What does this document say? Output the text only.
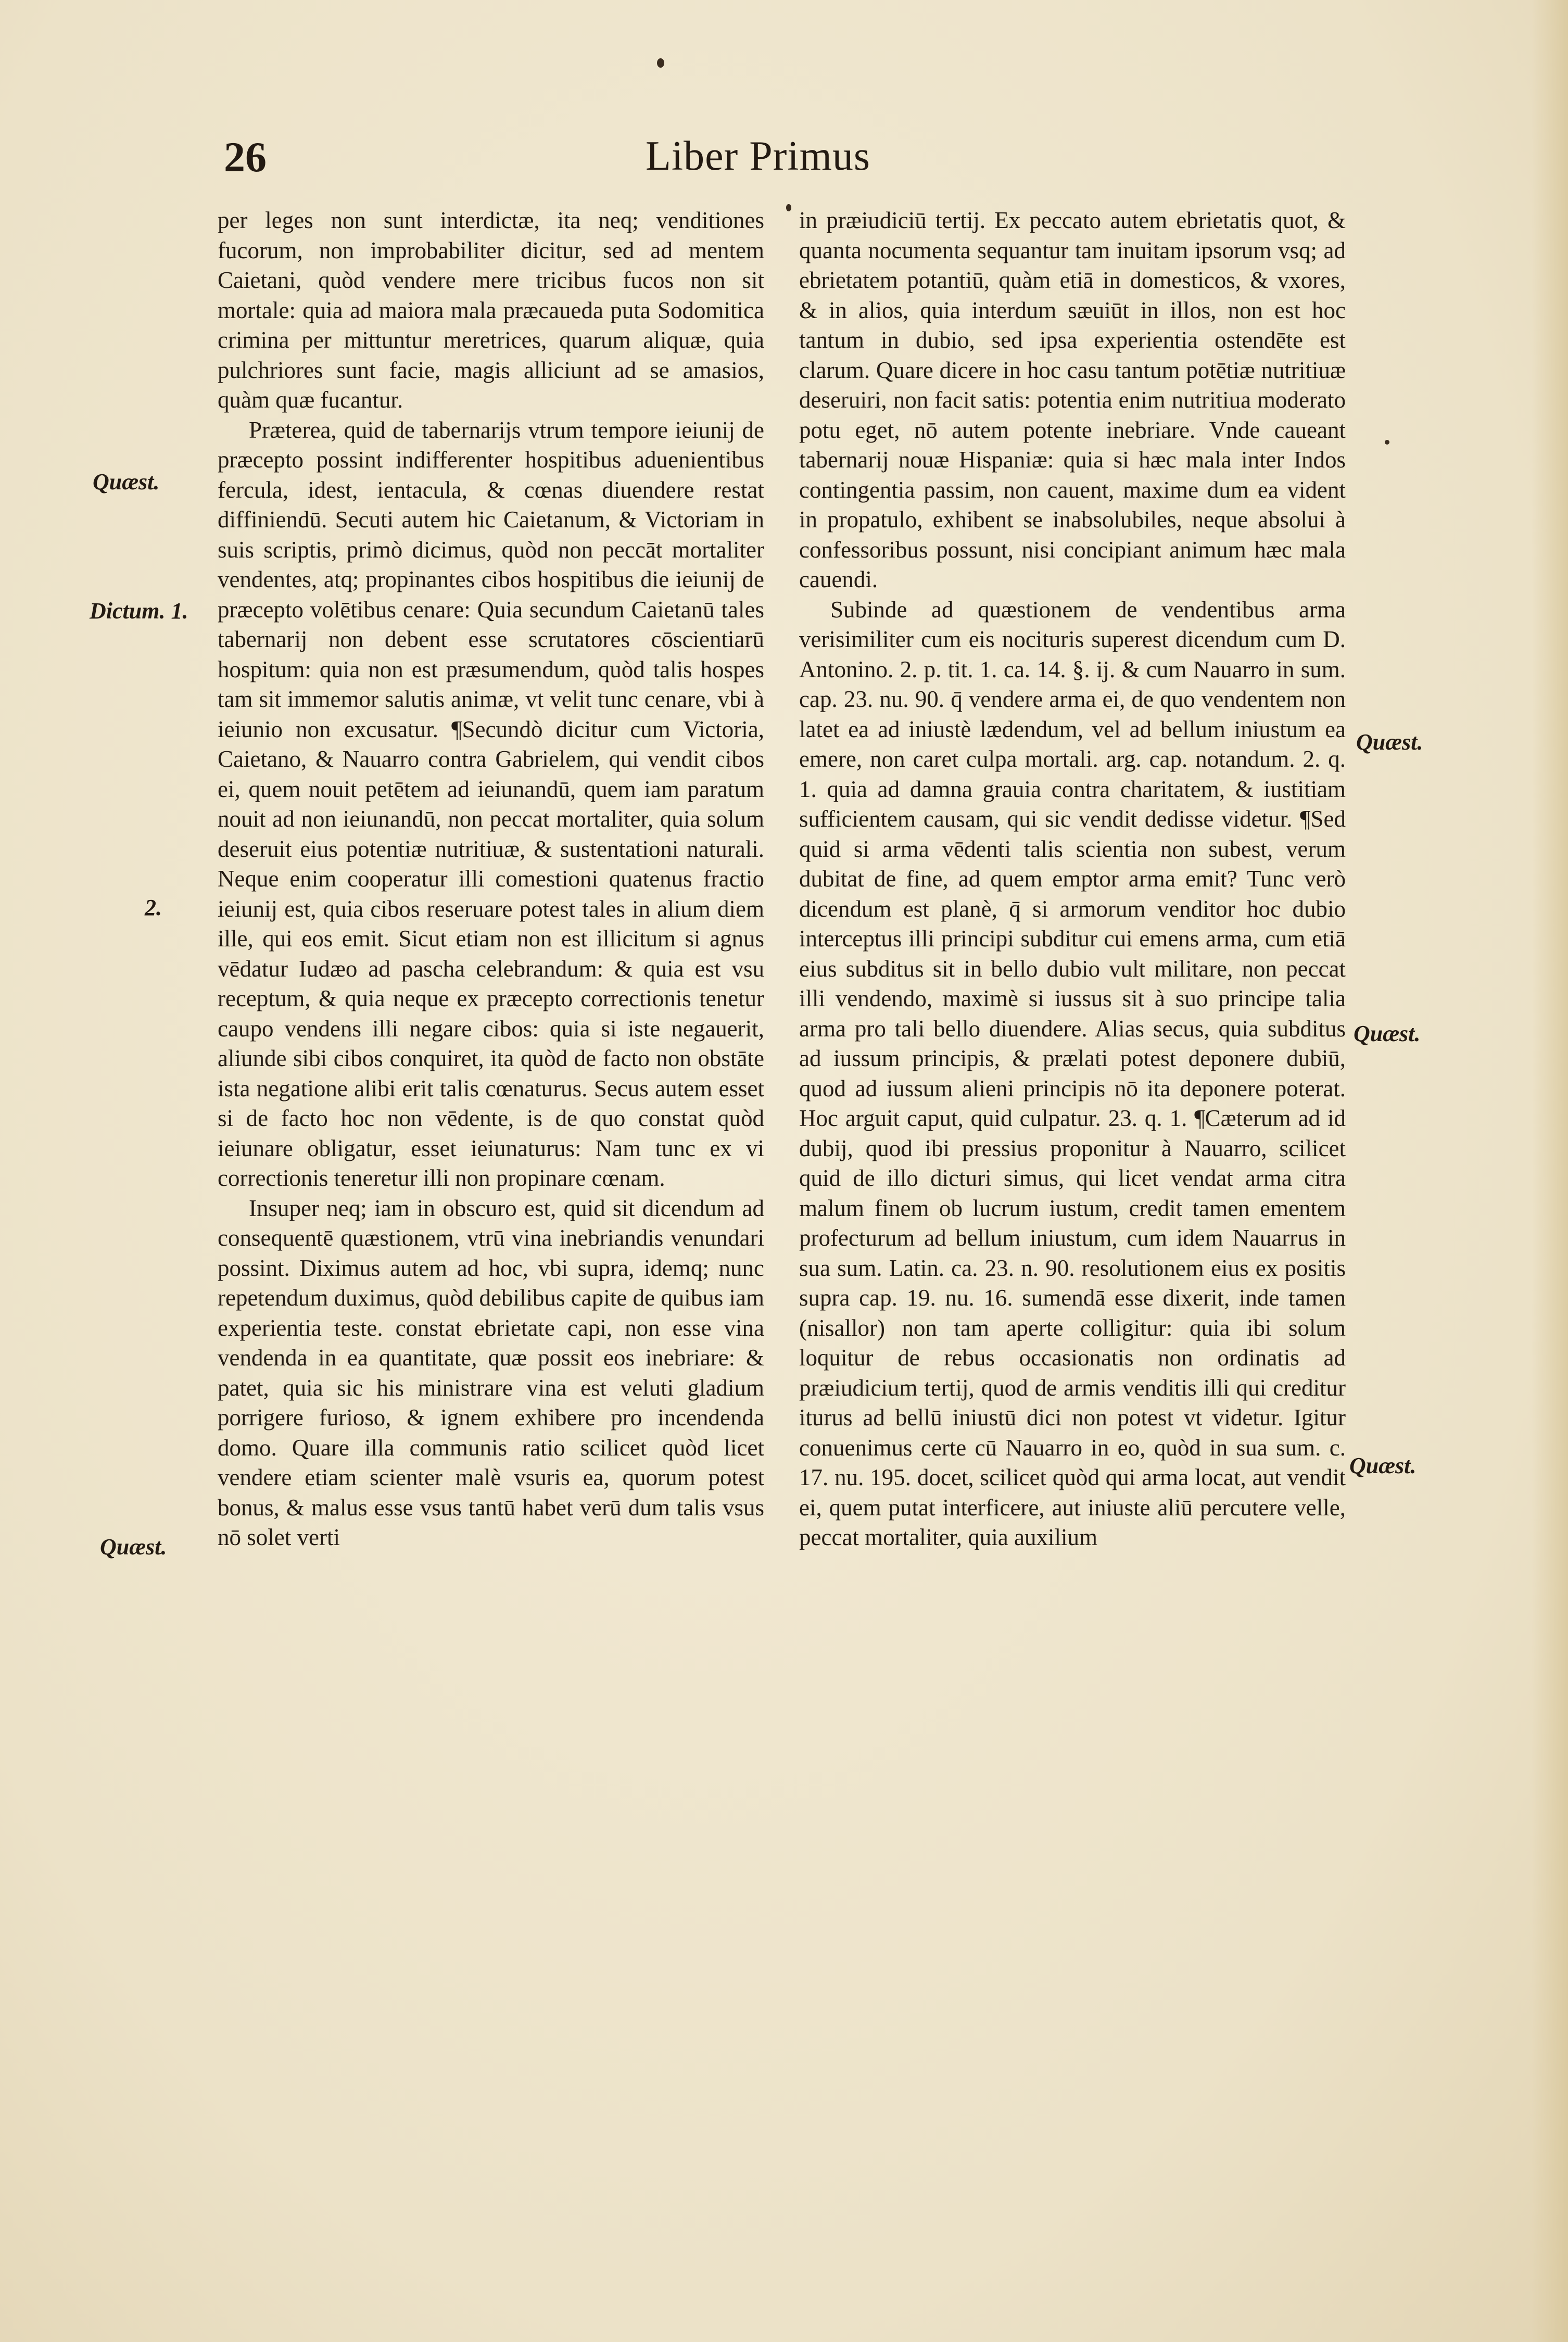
26	Liber Primus
Quæst.
Dictum. 1.
2.
Quæst.
Quæst.
Quæst.
Quæst.

per leges non sunt interdictæ, ita neq; venditiones fucorum, non improbabiliter dicitur, sed ad mentem Caietani, quòd vendere mere tricibus fucos non sit mortale: quia ad maiora mala præcaueda puta Sodomitica crimina per mittuntur meretrices, quarum aliquæ, quia pulchriores sunt facie, magis alliciunt ad se amasios, quàm quæ fucantur.

Præterea, quid de tabernarijs vtrum tempore ieiunij de præcepto possint indifferenter hospitibus aduenientibus fercula, idest, ientacula, & cœnas diuendere restat diffiniendū. Secuti autem hic Caietanum, & Victoriam in suis scriptis, primò dicimus, quòd non peccāt mortaliter vendentes, atq; propinantes cibos hospitibus die ieiunij de præcepto volētibus cenare: Quia secundum Caietanū tales tabernarij non debent esse scrutatores cōscientiarū hospitum: quia non est præsumendum, quòd talis hospes tam sit immemor salutis animæ, vt velit tunc cenare, vbi à ieiunio non excusatur. ¶Secundò dicitur cum Victoria, Caietano, & Nauarro contra Gabrielem, qui vendit cibos ei, quem nouit petētem ad ieiunandū, quem iam paratum nouit ad non ieiunandū, non peccat mortaliter, quia solum deseruit eius potentiæ nutritiuæ, & sustentationi naturali. Neque enim cooperatur illi comestioni quatenus fractio ieiunij est, quia cibos reseruare potest tales in alium diem ille, qui eos emit. Sicut etiam non est illicitum si agnus vēdatur Iudæo ad pascha celebrandum: & quia est vsu receptum, & quia neque ex præcepto correctionis tenetur caupo vendens illi negare cibos: quia si iste negauerit, aliunde sibi cibos conquiret, ita quòd de facto non obstāte ista negatione alibi erit talis cœnaturus. Secus autem esset si de facto hoc non vēdente, is de quo constat quòd ieiunare obligatur, esset ieiunaturus: Nam tunc ex vi correctionis teneretur illi non propinare cœnam.

Insuper neq; iam in obscuro est, quid sit dicendum ad consequentē quæstionem, vtrū vina inebriandis venundari possint. Diximus autem ad hoc, vbi supra, idemq; nunc repetendum duximus, quòd debilibus capite de quibus iam experientia teste. constat ebrietate capi, non esse vina vendenda in ea quantitate, quæ possit eos inebriare: & patet, quia sic his ministrare vina est veluti gladium porrigere furioso, & ignem exhibere pro incendenda domo. Quare illa communis ratio scilicet quòd licet vendere etiam scienter malè vsuris ea, quorum potest bonus, & malus esse vsus tantū habet verū dum talis vsus nō solet verti

in præiudiciū tertij. Ex peccato autem ebrietatis quot, & quanta nocumenta sequantur tam inuitam ipsorum vsq; ad ebrietatem potantiū, quàm etiā in domesticos, & vxores, & in alios, quia interdum sæuiūt in illos, non est hoc tantum in dubio, sed ipsa experientia ostendēte est clarum. Quare dicere in hoc casu tantum potētiæ nutritiuæ deseruiri, non facit satis: potentia enim nutritiua moderato potu eget, nō autem potente inebriare. Vnde caueant tabernarij nouæ Hispaniæ: quia si hæc mala inter Indos contingentia passim, non cauent, maxime dum ea vident in propatulo, exhibent se inabsolubiles, neque absolui à confessoribus possunt, nisi concipiant animum hæc mala cauendi.

Subinde ad quæstionem de vendentibus arma verisimiliter cum eis nocituris superest dicendum cum D. Antonino. 2. p. tit. 1. ca. 14. §. ij. & cum Nauarro in sum. cap. 23. nu. 90. q̄ vendere arma ei, de quo vendentem non latet ea ad iniustè lædendum, vel ad bellum iniustum ea emere, non caret culpa mortali. arg. cap. notandum. 2. q. 1. quia ad damna grauia contra charitatem, & iustitiam sufficientem causam, qui sic vendit dedisse videtur. ¶Sed quid si arma vēdenti talis scientia non subest, verum dubitat de fine, ad quem emptor arma emit? Tunc verò dicendum est planè, q̄ si armorum venditor hoc dubio interceptus illi principi subditur cui emens arma, cum etiā eius subditus sit in bello dubio vult militare, non peccat illi vendendo, maximè si iussus sit à suo principe talia arma pro tali bello diuendere. Alias secus, quia subditus ad iussum principis, & prælati potest deponere dubiū, quod ad iussum alieni principis nō ita deponere poterat. Hoc arguit caput, quid culpatur. 23. q. 1. ¶Cæterum ad id dubij, quod ibi pressius proponitur à Nauarro, scilicet quid de illo dicturi simus, qui licet vendat arma citra malum finem ob lucrum iustum, credit tamen ementem profecturum ad bellum iniustum, cum idem Nauarrus in sua sum. Latin. ca. 23. n. 90. resolutionem eius ex positis supra cap. 19. nu. 16. sumendā esse dixerit, inde tamen (nisallor) non tam aperte colligitur: quia ibi solum loquitur de rebus occasionatis non ordinatis ad præiudicium tertij, quod de armis venditis illi qui creditur iturus ad bellū iniustū dici non potest vt videtur. Igitur conuenimus certe cū Nauarro in eo, quòd in sua sum. c. 17. nu. 195. docet, scilicet quòd qui arma locat, aut vendit ei, quem putat interficere, aut iniuste aliū percutere velle, peccat mortaliter, quia auxilium
